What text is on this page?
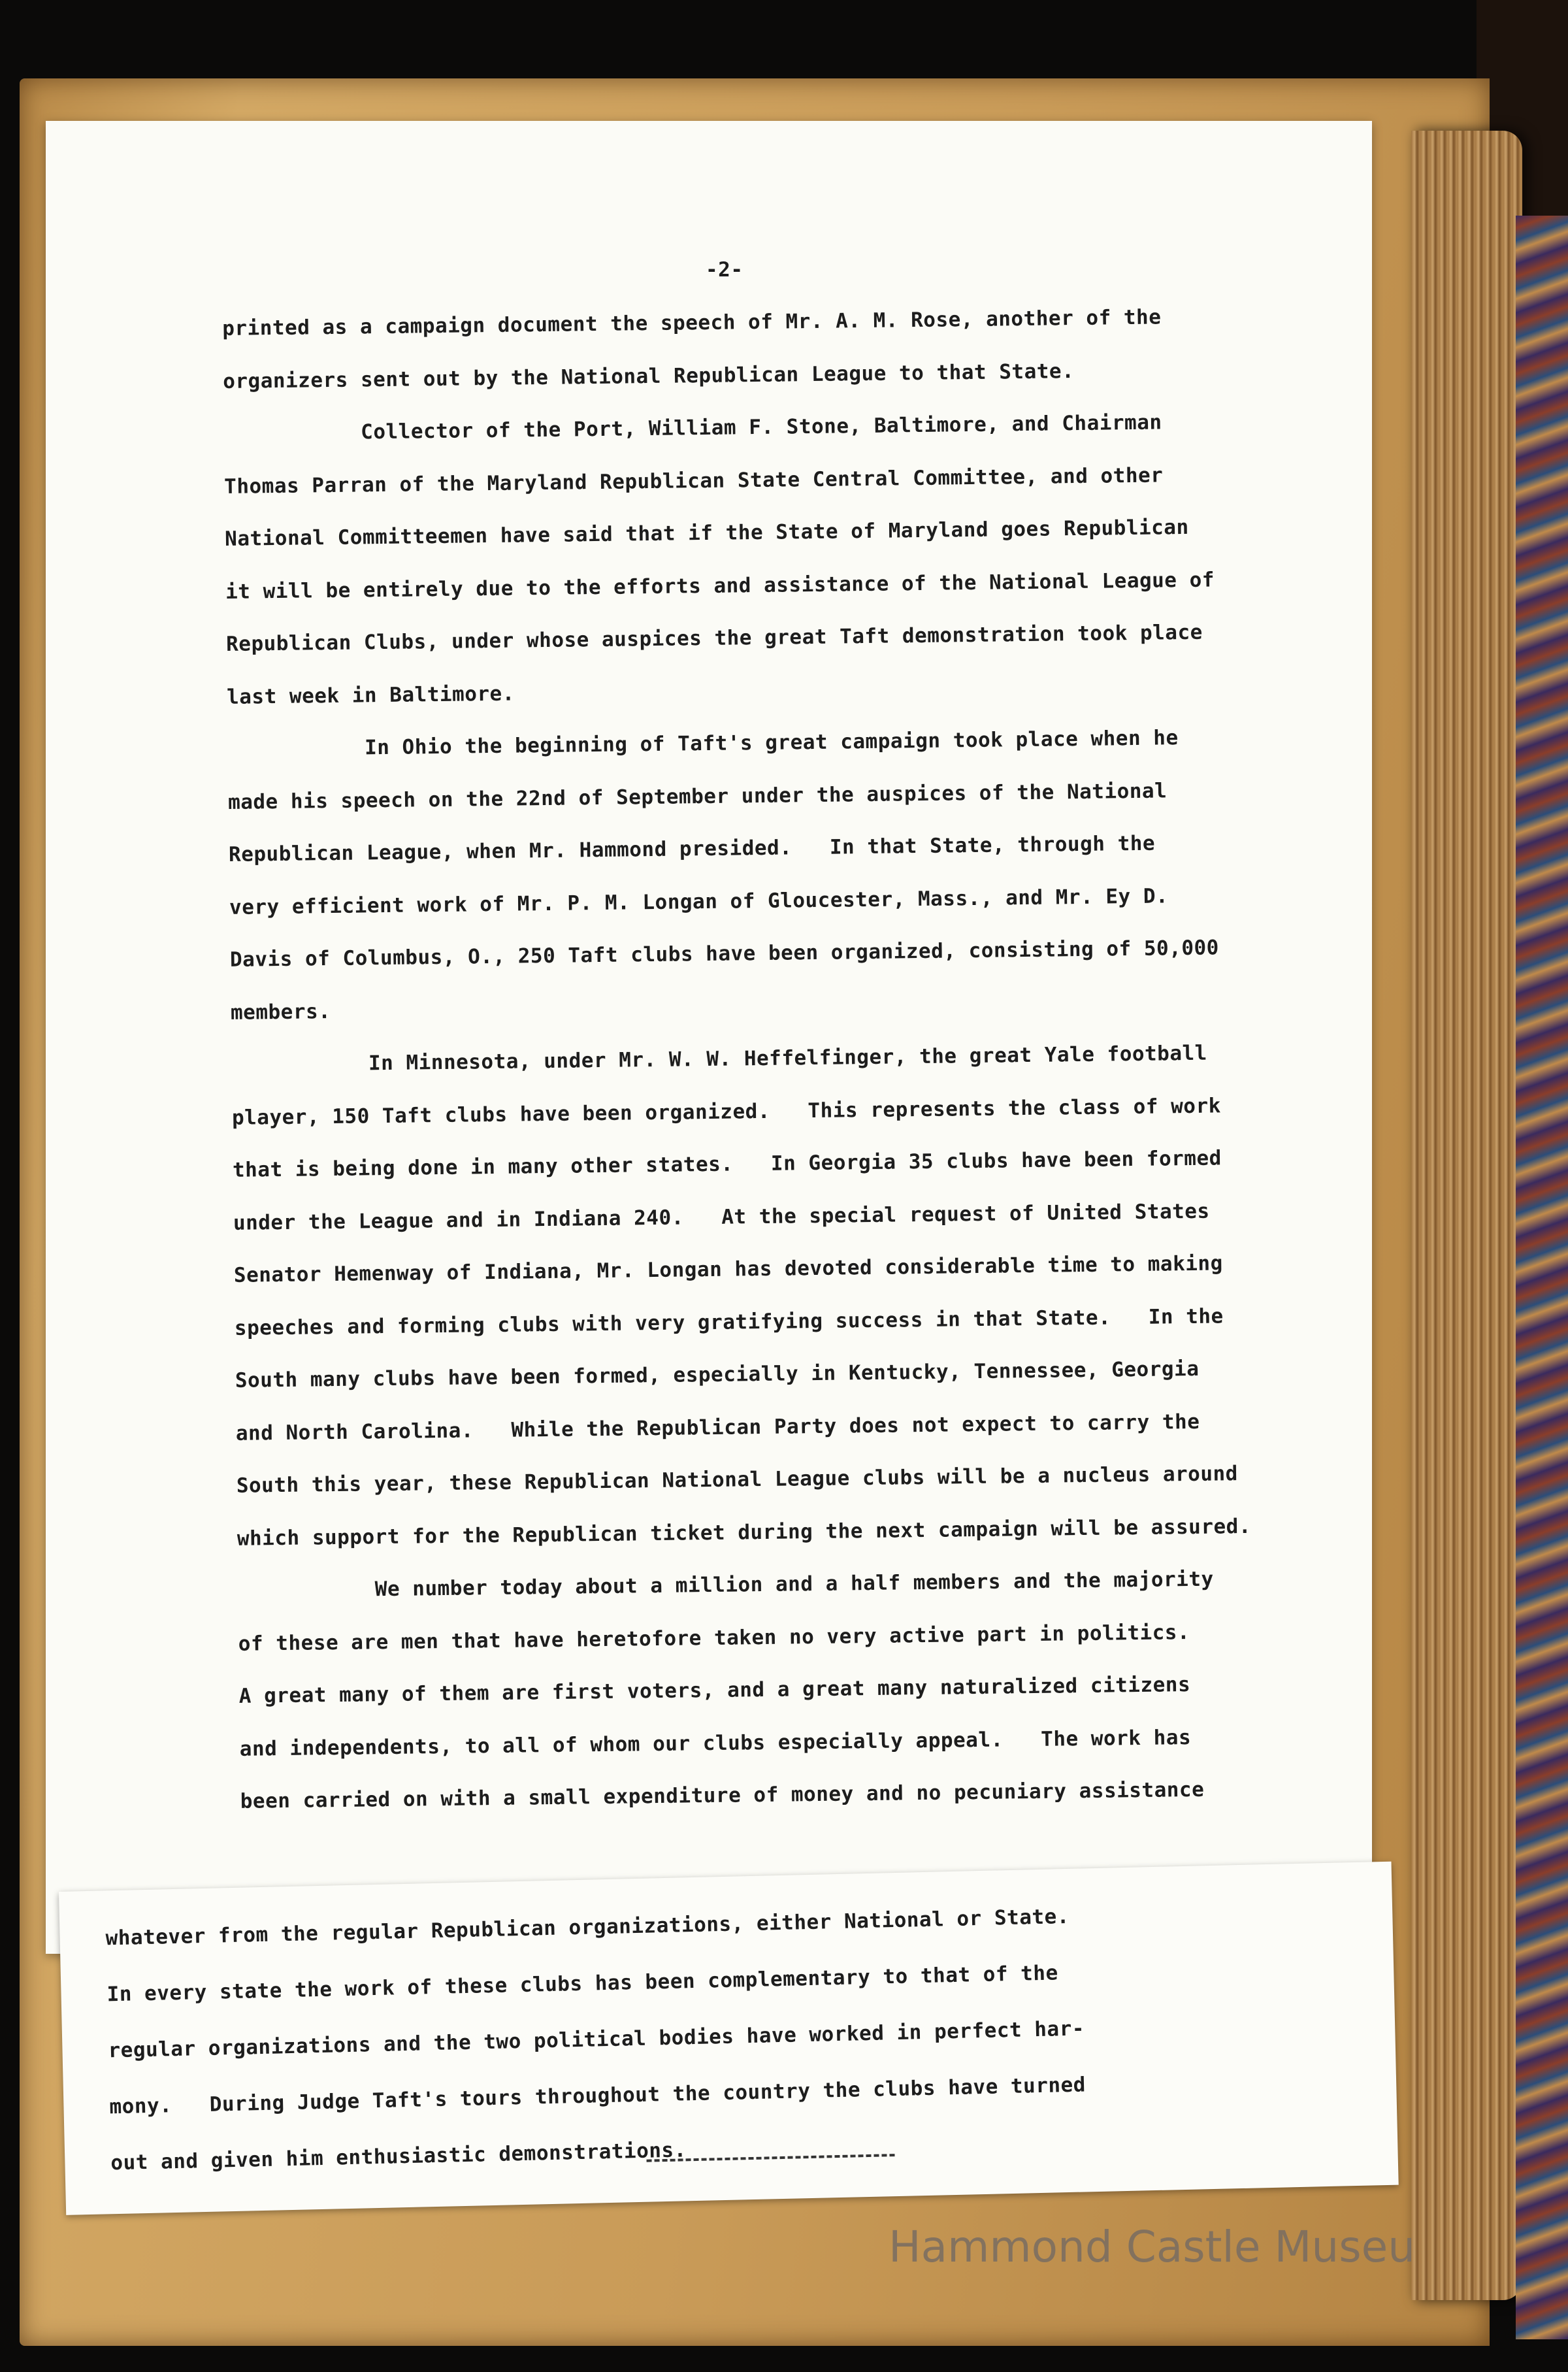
-2-
printed as a campaign document the speech of Mr. A. M. Rose, another of the
organizers sent out by the National Republican League to that State.
Collector of the Port, William F. Stone, Baltimore, and Chairman
Thomas Parran of the Maryland Republican State Central Committee, and other
National Committeemen have said that if the State of Maryland goes Republican
it will be entirely due to the efforts and assistance of the National League of
Republican Clubs, under whose auspices the great Taft demonstration took place
last week in Baltimore.
In Ohio the beginning of Taft's great campaign took place when he
made his speech on the 22nd of September under the auspices of the National
Republican League, when Mr. Hammond presided.   In that State, through the
very efficient work of Mr. P. M. Longan of Gloucester, Mass., and Mr. Ey D.
Davis of Columbus, O., 250 Taft clubs have been organized, consisting of 50,000
members.
In Minnesota, under Mr. W. W. Heffelfinger, the great Yale football
player, 150 Taft clubs have been organized.   This represents the class of work
that is being done in many other states.   In Georgia 35 clubs have been formed
under the League and in Indiana 240.   At the special request of United States
Senator Hemenway of Indiana, Mr. Longan has devoted considerable time to making
speeches and forming clubs with very gratifying success in that State.   In the
South many clubs have been formed, especially in Kentucky, Tennessee, Georgia
and North Carolina.   While the Republican Party does not expect to carry the
South this year, these Republican National League clubs will be a nucleus around
which support for the Republican ticket during the next campaign will be assured.
We number today about a million and a half members and the majority
of these are men that have heretofore taken no very active part in politics.
A great many of them are first voters, and a great many naturalized citizens
and independents, to all of whom our clubs especially appeal.   The work has
been carried on with a small expenditure of money and no pecuniary assistance
whatever from the regular Republican organizations, either National or State.
In every state the work of these clubs has been complementary to that of the
regular organizations and the two political bodies have worked in perfect har-
mony.   During Judge Taft's tours throughout the country the clubs have turned
out and given him enthusiastic demonstrations.
Hammond Castle Museu
